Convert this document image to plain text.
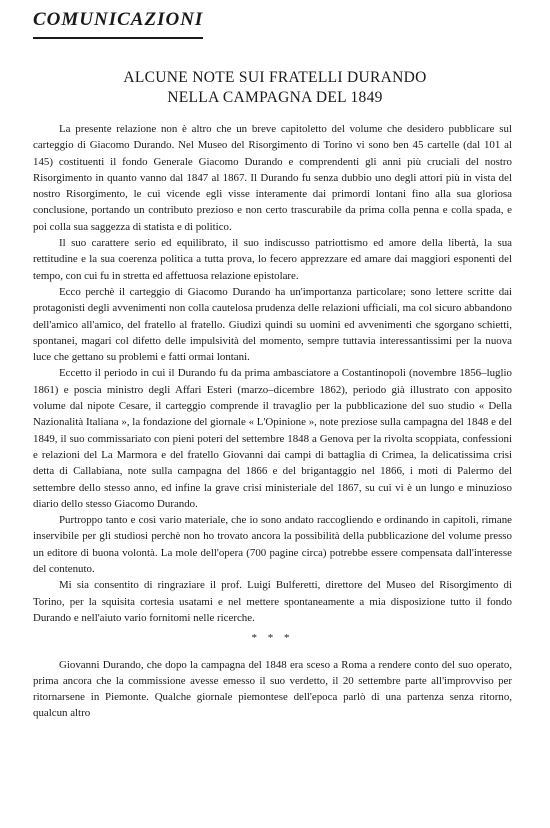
COMUNICAZIONI
ALCUNE NOTE SUI FRATELLI DURANDO
NELLA CAMPAGNA DEL 1849

La presente relazione non è altro che un breve capitoletto del volume che desidero pubblicare sul carteggio di Giacomo Durando. Nel Museo del Risorgimento di Torino vi sono ben 45 cartelle (dal 101 al 145) costituenti il fondo Generale Giacomo Durando e comprendenti gli anni più cruciali del nostro Risorgimento in quanto vanno dal 1847 al 1867. Il Durando fu senza dubbio uno degli attori più in vista del nostro Risorgimento, le cui vicende egli visse interamente dai primordi lontani fino alla sua gloriosa conclusione, portando un contributo prezioso e non certo trascurabile da prima colla penna e colla spada, e poi colla sua saggezza di statista e di politico.

Il suo carattere serio ed equilibrato, il suo indiscusso patriottismo ed amore della libertà, la sua rettitudine e la sua coerenza politica a tutta prova, lo fecero apprezzare ed amare dai maggiori esponenti del tempo, con cui fu in stretta ed affettuosa relazione epistolare.

Ecco perchè il carteggio di Giacomo Durando ha un'importanza particolare; sono lettere scritte dai protagonisti degli avvenimenti non colla cautelosa prudenza delle relazioni ufficiali, ma col sicuro abbandono dell'amico all'amico, del fratello al fratello. Giudizi quindi su uomini ed avvenimenti che sgorgano schietti, spontanei, magari col difetto delle impulsività del momento, sempre tuttavia interessantissimi per la nuova luce che gettano su problemi e fatti ormai lontani.

Eccetto il periodo in cui il Durando fu da prima ambasciatore a Costantinopoli (novembre 1856–luglio 1861) e poscia ministro degli Affari Esteri (marzo–dicembre 1862), periodo già illustrato con apposito volume dal nipote Cesare, il carteggio comprende il travaglio per la pubblicazione del suo studio « Della Nazionalità Italiana », la fondazione del giornale « L'Opinione », note preziose sulla campagna del 1848 e del 1849, il suo commissariato con pieni poteri del settembre 1848 a Genova per la rivolta scoppiata, confessioni e relazioni del La Marmora e del fratello Giovanni dai campi di battaglia di Crimea, la delicatissima crisi detta di Callabiana, note sulla campagna del 1866 e del brigantaggio nel 1866, i moti di Palermo del settembre dello stesso anno, ed infine la grave crisi ministeriale del 1867, su cui vi è un lungo e minuzioso diario dello stesso Giacomo Durando.

Purtroppo tanto e così vario materiale, che io sono andato raccogliendo e ordinando in capitoli, rimane inservibile per gli studiosi perchè non ho trovato ancora la possibilità della pubblicazione del volume presso un editore di buona volontà. La mole dell'opera (700 pagine circa) potrebbe essere compensata dall'interesse del contenuto.

Mi sia consentito di ringraziare il prof. Luigi Bulferetti, direttore del Museo del Risorgimento di Torino, per la squisita cortesia usatami e nel mettere spontaneamente a mia disposizione tutto il fondo Durando e nell'aiuto vario fornitomi nelle ricerche.

* * *

Giovanni Durando, che dopo la campagna del 1848 era sceso a Roma a rendere conto del suo operato, prima ancora che la commissione avesse emesso il suo verdetto, il 20 settembre parte all'improvviso per ritornarsene in Piemonte. Qualche giornale piemontese dell'epoca parlò di una partenza senza ritorno, qualcun altro
